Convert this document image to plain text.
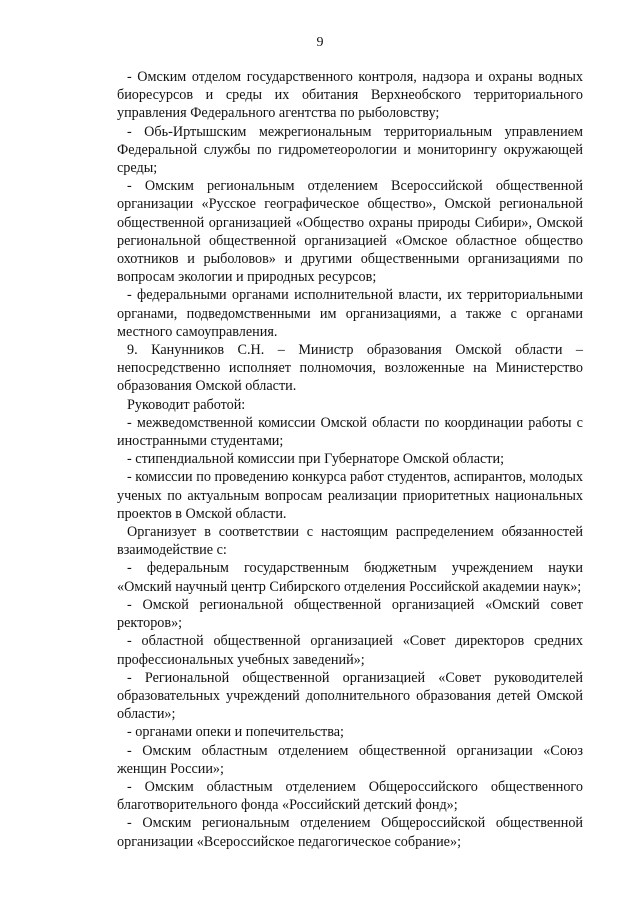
9

- Омским отделом государственного контроля, надзора и охраны водных биоресурсов и среды их обитания Верхнеобского территориального управления Федерального агентства по рыболовству;

- Обь-Иртышским межрегиональным территориальным управлением Федеральной службы по гидрометеорологии и мониторингу окружающей среды;

- Омским региональным отделением Всероссийской общественной организации «Русское географическое общество», Омской региональной общественной организацией «Общество охраны природы Сибири», Омской региональной общественной организацией «Омское областное общество охотников и рыболовов» и другими общественными организациями по вопросам экологии и природных ресурсов;

- федеральными органами исполнительной власти, их территориальными органами, подведомственными им организациями, а также с органами местного самоуправления.

9. Канунников С.Н. – Министр образования Омской области – непосредственно исполняет полномочия, возложенные на Министерство образования Омской области.

Руководит работой:

- межведомственной комиссии Омской области по координации работы с иностранными студентами;

- стипендиальной комиссии при Губернаторе Омской области;

- комиссии по проведению конкурса работ студентов, аспирантов, молодых ученых по актуальным вопросам реализации приоритетных национальных проектов в Омской области.

Организует в соответствии с настоящим распределением обязанностей взаимодействие с:

- федеральным государственным бюджетным учреждением науки «Омский научный центр Сибирского отделения Российской академии наук»;

- Омской региональной общественной организацией «Омский совет ректоров»;

- областной общественной организацией «Совет директоров средних профессиональных учебных заведений»;

- Региональной общественной организацией «Совет руководителей образовательных учреждений дополнительного образования детей Омской области»;

- органами опеки и попечительства;

- Омским областным отделением общественной организации «Союз женщин России»;

- Омским областным отделением Общероссийского общественного благотворительного фонда «Российский детский фонд»;

- Омским региональным отделением Общероссийской общественной организации «Всероссийское педагогическое собрание»;
